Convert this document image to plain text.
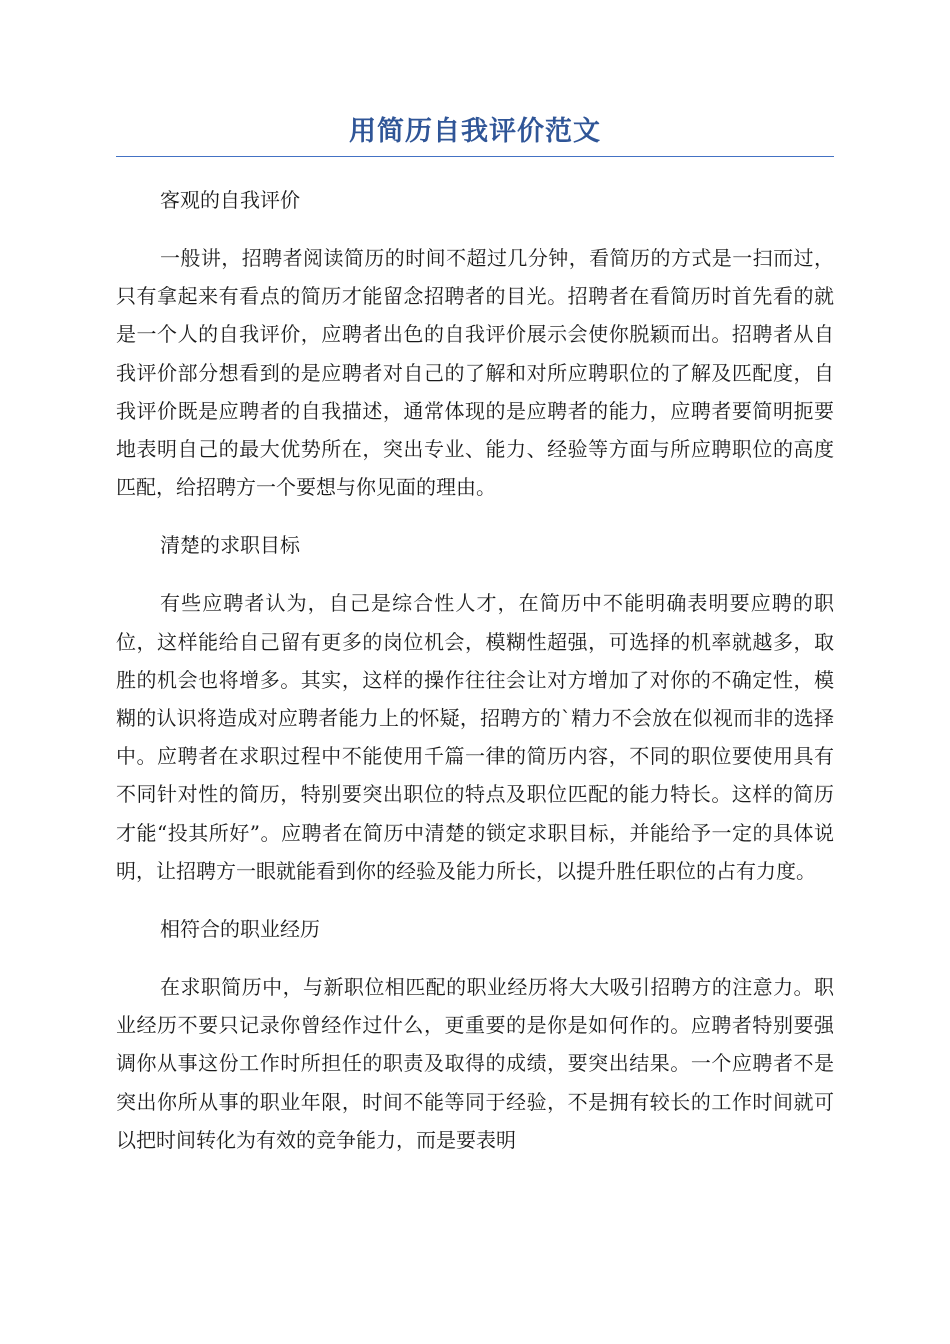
用简历自我评价范文

客观的自我评价

一般讲，招聘者阅读简历的时间不超过几分钟，看简历的方式是一扫而过，只有拿起来有看点的简历才能留念招聘者的目光。招聘者在看简历时首先看的就是一个人的自我评价，应聘者出色的自我评价展示会使你脱颖而出。招聘者从自我评价部分想看到的是应聘者对自己的了解和对所应聘职位的了解及匹配度，自我评价既是应聘者的自我描述，通常体现的是应聘者的能力，应聘者要简明扼要地表明自己的最大优势所在，突出专业、能力、经验等方面与所应聘职位的高度匹配，给招聘方一个要想与你见面的理由。

清楚的求职目标

有些应聘者认为，自己是综合性人才，在简历中不能明确表明要应聘的职位，这样能给自己留有更多的岗位机会，模糊性超强，可选择的机率就越多，取胜的机会也将增多。其实，这样的操作往往会让对方增加了对你的不确定性，模糊的认识将造成对应聘者能力上的怀疑，招聘方的`精力不会放在似视而非的选择中。应聘者在求职过程中不能使用千篇一律的简历内容，不同的职位要使用具有不同针对性的简历，特别要突出职位的特点及职位匹配的能力特长。这样的简历才能“投其所好”。应聘者在简历中清楚的锁定求职目标，并能给予一定的具体说明，让招聘方一眼就能看到你的经验及能力所长，以提升胜任职位的占有力度。

相符合的职业经历

在求职简历中，与新职位相匹配的职业经历将大大吸引招聘方的注意力。职业经历不要只记录你曾经作过什么，更重要的是你是如何作的。应聘者特别要强调你从事这份工作时所担任的职责及取得的成绩，要突出结果。一个应聘者不是突出你所从事的职业年限，时间不能等同于经验，不是拥有较长的工作时间就可以把时间转化为有效的竞争能力，而是要表明
